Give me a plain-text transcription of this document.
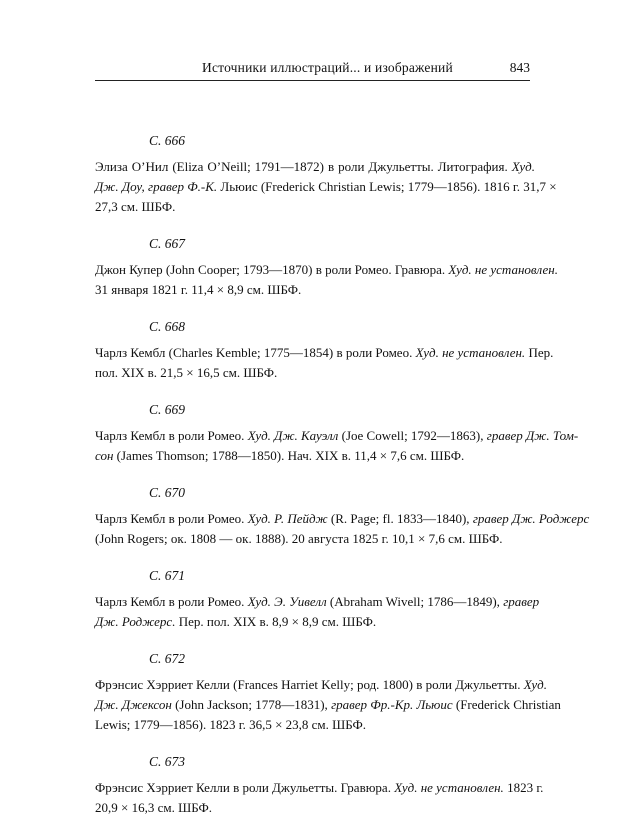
Источники иллюстраций... и изображений	843
С. 666
Элиза О’Нил (Eliza O’Neill; 1791—1872) в роли Джульетты. Литография. Худ.
Дж. Доу, гравер Ф.-К. Льюис (Frederick Christian Lewis; 1779—1856). 1816 г. 31,7 ×
27,3 см. ШБФ.
С. 667
Джон Купер (John Cooper; 1793—1870) в роли Ромео. Гравюра. Худ. не установлен.
31 января 1821 г. 11,4 × 8,9 см. ШБФ.
С. 668
Чарлз Кембл (Charles Kemble; 1775—1854) в роли Ромео. Худ. не установлен. Пер.
пол. XIX в. 21,5 × 16,5 см. ШБФ.
С. 669
Чарлз Кембл в роли Ромео. Худ. Дж. Кауэлл (Joe Cowell; 1792—1863), гравер Дж. Том-
сон (James Thomson; 1788—1850). Нач. XIX в. 11,4 × 7,6 см. ШБФ.
С. 670
Чарлз Кембл в роли Ромео. Худ. Р. Пейдж (R. Page; fl. 1833—1840), гравер Дж. Роджерс
(John Rogers; ок. 1808 — ок. 1888). 20 августа 1825 г. 10,1 × 7,6 см. ШБФ.
С. 671
Чарлз Кембл в роли Ромео. Худ. Э. Уивелл (Abraham Wivell; 1786—1849), гравер
Дж. Роджерс. Пер. пол. XIX в. 8,9 × 8,9 см. ШБФ.
С. 672
Фрэнсис Хэрриет Келли (Frances Harriet Kelly; род. 1800) в роли Джульетты. Худ.
Дж. Джексон (John Jackson; 1778—1831), гравер Фр.-Кр. Льюис (Frederick Christian
Lewis; 1779—1856). 1823 г. 36,5 × 23,8 см. ШБФ.
С. 673
Фрэнсис Хэрриет Келли в роли Джульетты. Гравюра. Худ. не установлен. 1823 г.
20,9 × 16,3 см. ШБФ.
